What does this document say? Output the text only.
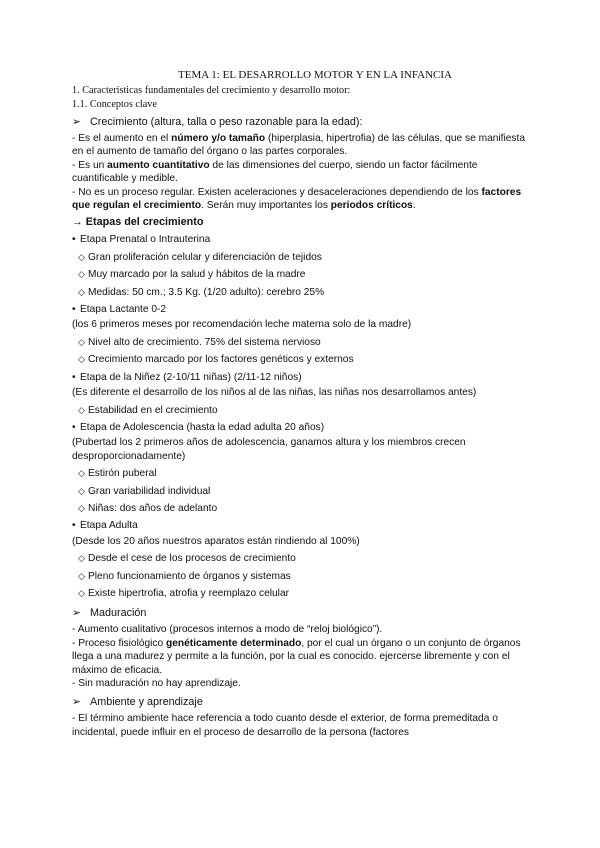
TEMA 1: EL DESARROLLO MOTOR Y EN LA INFANCIA
1. Características fundamentales del crecimiento y desarrollo motor:
1.1. Conceptos clave
➢ Crecimiento (altura, talla o peso razonable para la edad):
‑ Es el aumento en el número y/o tamaño (hiperplasia, hipertrofia) de las células, que se manifiesta en el aumento de tamaño del órgano o las partes corporales.
‑ Es un aumento cuantitativo de las dimensiones del cuerpo, siendo un factor fácilmente cuantificable y medible.
‑ No es un proceso regular. Existen aceleraciones y desaceleraciones dependiendo de los factores que regulan el crecimiento. Serán muy importantes los periodos críticos.
→ Etapas del crecimiento
• Etapa Prenatal o Intrauterina
◇ Gran proliferación celular y diferenciación de tejidos
◇ Muy marcado por la salud y hábitos de la madre
◇ Medidas: 50 cm.; 3.5 Kg. (1/20 adulto): cerebro 25%
• Etapa Lactante 0-2
(los 6 primeros meses por recomendación leche materna solo de la madre)
◇ Nivel alto de crecimiento. 75% del sistema nervioso
◇ Crecimiento marcado por los factores genéticos y externos
• Etapa de la Niñez (2-10/11 niñas) (2/11-12 niños)
(Es diferente el desarrollo de los niños al de las niñas, las niñas nos desarrollamos antes)
◇ Estabilidad en el crecimiento
• Etapa de Adolescencia (hasta la edad adulta 20 años)
(Pubertad los 2 primeros años de adolescencia, ganamos altura y los miembros crecen desproporcionadamente)
◇ Estirón puberal
◇ Gran variabilidad individual
◇ Niñas: dos años de adelanto
• Etapa Adulta
(Desde los 20 años nuestros aparatos están rindiendo al 100%)
◇ Desde el cese de los procesos de crecimiento
◇ Pleno funcionamiento de órganos y sistemas
◇ Existe hipertrofia, atrofia y reemplazo celular
➢ Maduración
‑ Aumento cualitativo (procesos internos a modo de “reloj biológico”).
‑ Proceso fisiológico genéticamente determinado, por el cual un órgano o un conjunto de órganos llega a una madurez y permite a la función, por la cual es conocido. ejercerse libremente y con el máximo de eficacia.
‑ Sin maduración no hay aprendizaje.
➢ Ambiente y aprendizaje
‑ El término ambiente hace referencia a todo cuanto desde el exterior, de forma premeditada o incidental, puede influir en el proceso de desarrollo de la persona (factores
